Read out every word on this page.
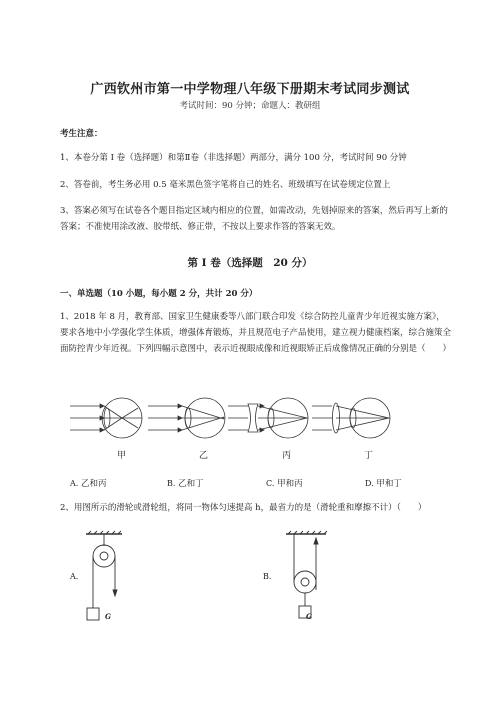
广西钦州市第一中学物理八年级下册期末考试同步测试
考试时间：90 分钟；命题人：教研组
考生注意：
1、本卷分第 I 卷（选择题）和第Ⅱ卷（非选择题）两部分，满分 100 分，考试时间 90 分钟
2、答卷前，考生务必用 0.5 毫米黑色签字笔将自己的姓名、班级填写在试卷规定位置上
3、答案必须写在试卷各个题目指定区域内相应的位置，如需改动，先划掉原来的答案，然后再写上新的答案；不准使用涂改液、胶带纸、修正带，不按以上要求作答的答案无效。
第 I 卷（选择题　20 分）
一、单选题（10 小题，每小题 2 分，共计 20 分）
1、2018 年 8 月，教育部、国家卫生健康委等八部门联合印发《综合防控儿童青少年近视实施方案》，要求各地中小学强化学生体质，增强体育锻炼，并且规范电子产品使用，建立视力健康档案，综合施策全面防控青少年近视。下列四幅示意图中，表示近视眼成像和近视眼矫正后成像情况正确的分别是（　　）
甲	乙	丙	丁
A. 乙和丙	B. 乙和丁	C. 甲和丙	D. 甲和丁
2、用图所示的滑轮或滑轮组，将同一物体匀速提高 h，最省力的是（滑轮重和摩擦不计）（　　）
A.
G
B.
G
